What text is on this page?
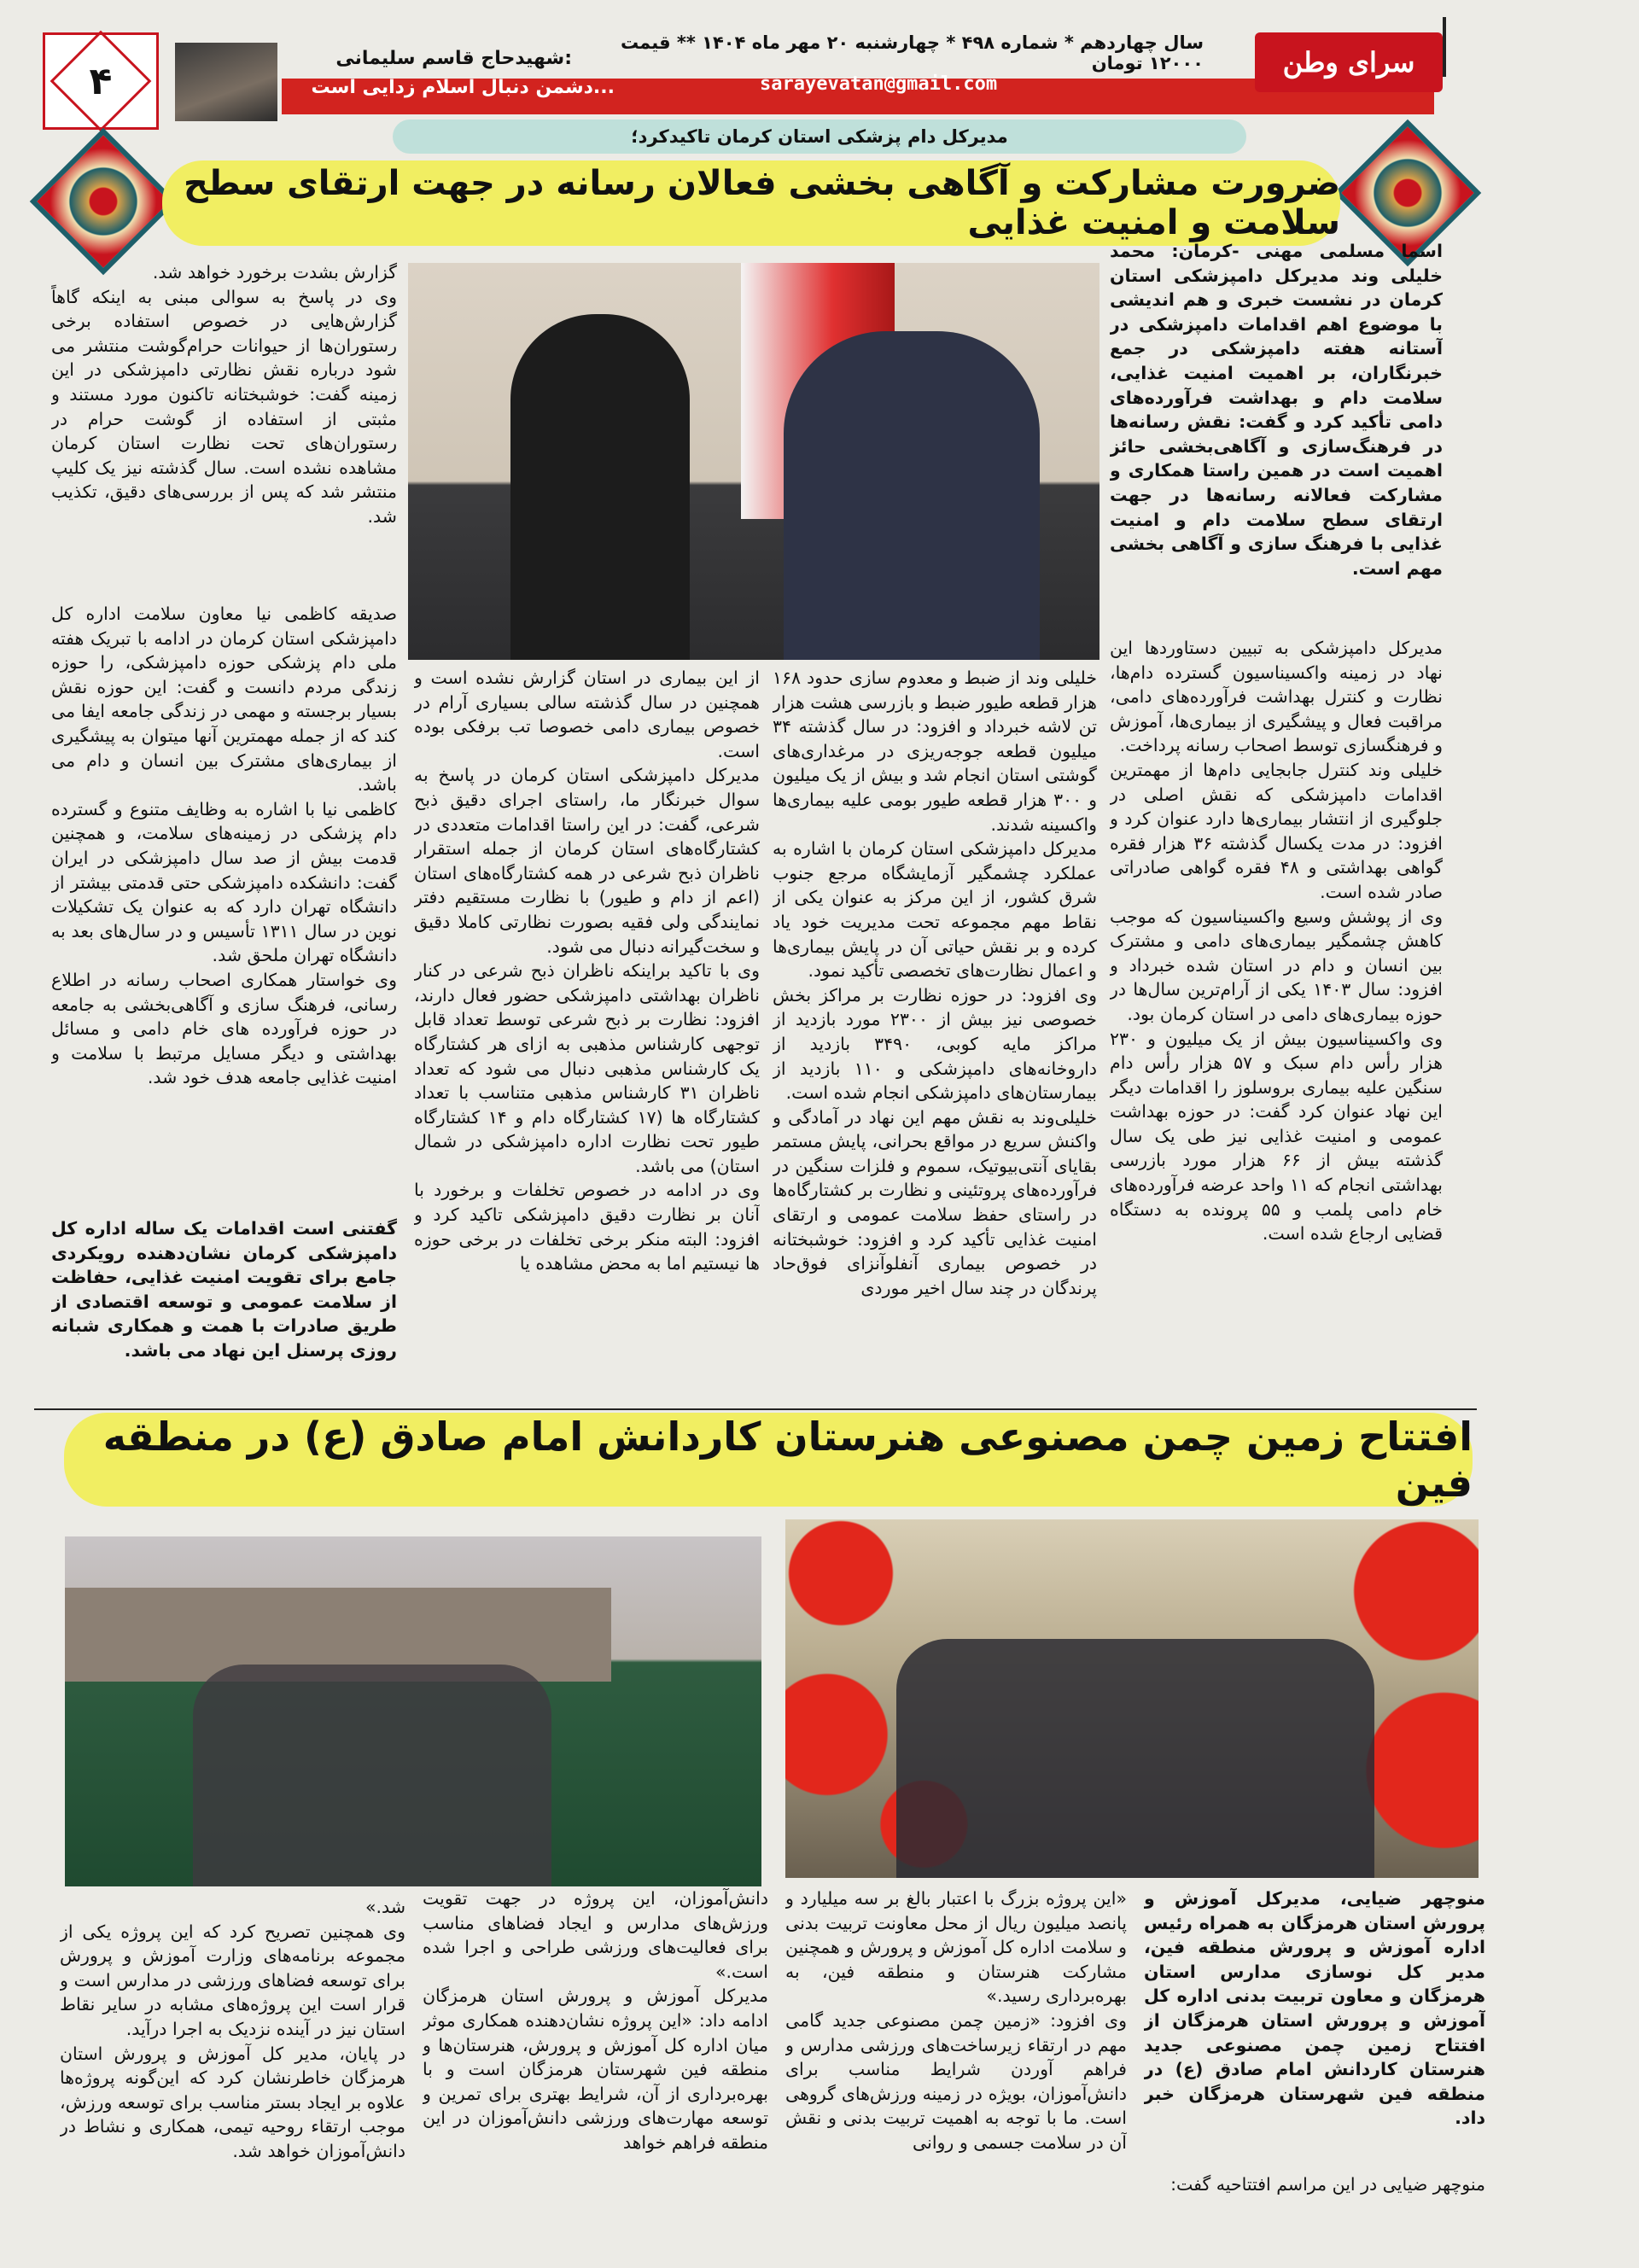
۴
شهیدحاج قاسم سلیمانی:
دشمن دنبال اسلام زدایی است...
سال چهاردهم * شماره ۴۹۸ * چهارشنبه ۲۰ مهر ماه ۱۴۰۴ ** قیمت ۱۲۰۰۰ تومان
sarayevatan@gmail.com
سرای وطن
مدیرکل دام پزشکی استان کرمان تاکیدکرد؛
ضرورت مشارکت و آگاهی بخشی فعالان رسانه در جهت ارتقای سطح سلامت و امنیت غذایی
اسما مسلمی مهنی -کرمان: محمد خلیلی وند مدیرکل دامپزشکی استان کرمان در نشست خبری و هم اندیشی با موضوع اهم اقدامات دامپزشکی در آستانه هفته دامپزشکی در جمع خبرنگاران، بر اهمیت امنیت غذایی، سلامت دام و بهداشت فرآورده‌های دامی تأکید کرد و گفت: نقش رسانه‌ها در فرهنگ‌سازی و آگاهی‌بخشی حائز اهمیت است در همین راستا همکاری و مشارکت فعالانه رسانه‌ها در جهت ارتقای سطح سلامت دام و امنیت غذایی با فرهنگ سازی و آگاهی بخشی مهم است.
مدیرکل دامپزشکی به تبیین دستاوردها این نهاد در زمینه واکسیناسیون گسترده دام‌ها، نظارت و کنترل بهداشت فرآورده‌های دامی، مراقبت فعال و پیشگیری از بیماری‌ها، آموزش و فرهنگسازی توسط اصحاب رسانه پرداخت.
خلیلی وند کنترل جابجایی دام‌ها از مهمترین اقدامات دامپزشکی که نقش اصلی در جلوگیری از انتشار بیماری‌ها دارد عنوان کرد و افزود: در مدت یکسال گذشته ۳۶ هزار فقره گواهی بهداشتی و ۴۸ فقره گواهی صادراتی صادر شده است.
وی از پوشش وسیع واکسیناسیون که موجب کاهش چشمگیر بیماری‌های دامی و مشترک بین انسان و دام در استان شده خبرداد و افزود: سال ۱۴۰۳ یکی از آرام‌ترین سال‌ها در حوزه بیماری‌های دامی در استان کرمان بود.
وی واکسیناسیون بیش از یک میلیون و ۲۳۰ هزار رأس دام سبک و ۵۷ هزار رأس دام سنگین علیه بیماری بروسلوز را اقدامات دیگر این نهاد عنوان کرد گفت: در حوزه بهداشت عمومی و امنیت غذایی نیز طی یک سال گذشته بیش از ۶۶ هزار مورد بازرسی بهداشتی انجام که ۱۱ واحد عرضه فرآورده‌های خام دامی پلمب و ۵۵ پرونده به دستگاه قضایی ارجاع شده است.
خلیلی وند از ضبط و معدوم سازی حدود ۱۶۸ هزار قطعه طیور ضبط و بازرسی هشت هزار تن لاشه خبرداد و افزود: در سال گذشته ۳۴ میلیون قطعه جوجه‌ریزی در مرغداری‌های گوشتی استان انجام شد و بیش از یک میلیون و ۳۰۰ هزار قطعه طیور بومی علیه بیماری‌ها واکسینه شدند.
مدیرکل دامپزشکی استان کرمان با اشاره به عملکرد چشمگیر آزمایشگاه مرجع جنوب شرق کشور، از این مرکز به عنوان یکی از نقاط مهم مجموعه تحت مدیریت خود یاد کرده و بر نقش حیاتی آن در پایش بیماری‌ها و اعمال نظارت‌های تخصصی تأکید نمود.
وی افزود: در حوزه نظارت بر مراکز بخش خصوصی نیز بیش از ۲۳۰۰ مورد بازدید از مراکز مایه کوبی، ۳۴۹۰ بازدید از داروخانه‌های دامپزشکی و ۱۱۰ بازدید از بیمارستان‌های دامپزشکی انجام شده است.
خلیلی‌وند به نقش مهم این نهاد در آمادگی و واکنش سریع در مواقع بحرانی، پایش مستمر بقایای آنتی‌بیوتیک، سموم و فلزات سنگین در فرآورده‌های پروتئینی و نظارت بر کشتارگاه‌ها در راستای حفظ سلامت عمومی و ارتقای امنیت غذایی تأکید کرد و افزود: خوشبختانه در خصوص بیماری آنفلوآنزای فوق‌حاد پرندگان در چند سال اخیر موردی
از این بیماری در استان گزارش نشده است و همچنین در سال گذشته سالی بسیاری آرام در خصوص بیماری دامی خصوصا تب برفکی بوده است.
مدیرکل دامپزشکی استان کرمان در پاسخ به سوال خبرنگار ما، راستای اجرای دقیق ذبح شرعی، گفت: در این راستا اقدامات متعددی در کشتارگاه‌های استان کرمان از جمله استقرار ناظران ذبح شرعی در همه کشتارگاه‌های استان (اعم از دام و طیور) با نظارت مستقیم دفتر نمایندگی ولی فقیه بصورت نظارتی کاملا دقیق و سخت‌گیرانه دنبال می شود.
وی با تاکید براینکه ناظران ذبح شرعی در کنار ناظران بهداشتی دامپزشکی حضور فعال دارند، افزود: نظارت بر ذبح شرعی توسط تعداد قابل توجهی کارشناس مذهبی به ازای هر کشتارگاه یک کارشناس مذهبی دنبال می شود که تعداد ناظران ۳۱ کارشناس مذهبی متناسب با تعداد کشتارگاه ها (۱۷ کشتارگاه دام و ۱۴ کشتارگاه طیور تحت نظارت اداره دامپزشکی در شمال استان) می باشد.
وی در ادامه در خصوص تخلفات و برخورد با آنان بر نظارت دقیق دامپزشکی تاکید کرد و افزود: البته منکر برخی تخلفات در برخی حوزه ها نیستیم اما به محض مشاهده یا
گزارش بشدت برخورد خواهد شد.
وی در پاسخ به سوالی مبنی به اینکه گاهاً گزارش‌هایی در خصوص استفاده برخی رستوران‌ها از حیوانات حرام‌گوشت منتشر می شود درباره نقش نظارتی دامپزشکی در این زمینه گفت: خوشبختانه تاکنون مورد مستند و مثبتی از استفاده از گوشت حرام در رستوران‌های تحت نظارت استان کرمان مشاهده نشده است. سال گذشته نیز یک کلیپ منتشر شد که پس از بررسی‌های دقیق، تکذیب شد.
صدیقه کاظمی نیا معاون سلامت اداره کل دامپزشکی استان کرمان در ادامه با تبریک هفته ملی دام پزشکی حوزه دامپزشکی، را حوزه زندگی مردم دانست و گفت: این حوزه نقش بسیار برجسته و مهمی در زندگی جامعه ایفا می کند که از جمله مهمترین آنها میتوان به پیشگیری از بیماری‌های مشترک بین انسان و دام می باشد.
کاظمی نیا با اشاره به وظایف متنوع و گسترده دام پزشکی در زمینه‌های سلامت، و همچنین قدمت بیش از صد سال دامپزشکی در ایران گفت: دانشکده دامپزشکی حتی قدمتی بیشتر از دانشگاه تهران دارد که به عنوان یک تشکیلات نوین در سال ۱۳۱۱ تأسیس و در سال‌های بعد به دانشگاه تهران ملحق شد.
وی خواستار همکاری اصحاب رسانه در اطلاع رسانی، فرهنگ سازی و آگاهی‌بخشی به جامعه در حوزه فرآورده های خام دامی و مسائل بهداشتی و دیگر مسایل مرتبط با سلامت و امنیت غذایی جامعه هدف خود شد.
گفتنی است اقدامات یک ساله اداره کل دامپزشکی کرمان نشان‌دهنده رویکردی جامع برای تقویت امنیت غذایی، حفاظت از سلامت عمومی و توسعه اقتصادی از طریق صادرات با همت و همکاری شبانه روزی پرسنل این نهاد می باشد.
افتتاح زمین چمن مصنوعی هنرستان کاردانش امام صادق (ع) در منطقه فین
منوچهر ضیایی، مدیرکل آموزش و پرورش استان هرمزگان به همراه رئیس اداره آموزش و پرورش منطقه فین، مدیر کل نوسازی مدارس استان هرمزگان و معاون تربیت بدنی اداره کل آموزش و پرورش استان هرمزگان از افتتاح زمین چمن مصنوعی جدید هنرستان کاردانش امام صادق (ع) در منطقه فین شهرستان هرمزگان خبر داد.
منوچهر ضیایی در این مراسم افتتاحیه گفت:
«این پروژه بزرگ با اعتبار بالغ بر سه میلیارد و پانصد میلیون ریال از محل معاونت تربیت بدنی و سلامت اداره کل آموزش و پرورش و همچنین مشارکت هنرستان و منطقه فین، به بهره‌برداری رسید.»
وی افزود: «زمین چمن مصنوعی جدید گامی مهم در ارتقاء زیرساخت‌های ورزشی مدارس و فراهم آوردن شرایط مناسب برای دانش‌آموزان، بویژه در زمینه ورزش‌های گروهی است. ما با توجه به اهمیت تربیت بدنی و نقش آن در سلامت جسمی و روانی
دانش‌آموزان، این پروژه در جهت تقویت ورزش‌های مدارس و ایجاد فضاهای مناسب برای فعالیت‌های ورزشی طراحی و اجرا شده است.»
مدیرکل آموزش و پرورش استان هرمزگان ادامه داد: «این پروژه نشان‌دهنده همکاری موثر میان اداره کل آموزش و پرورش، هنرستان‌ها و منطقه فین شهرستان هرمزگان است و با بهره‌برداری از آن، شرایط بهتری برای تمرین و توسعه مهارت‌های ورزشی دانش‌آموزان در این منطقه فراهم خواهد
شد.»
وی همچنین تصریح کرد که این پروژه یکی از مجموعه برنامه‌های وزارت آموزش و پرورش برای توسعه فضاهای ورزشی در مدارس است و قرار است این پروژه‌های مشابه در سایر نقاط استان نیز در آینده نزدیک به اجرا درآید.
در پایان، مدیر کل آموزش و پرورش استان هرمزگان خاطرنشان کرد که این‌گونه پروژه‌ها علاوه بر ایجاد بستر مناسب برای توسعه ورزش، موجب ارتقاء روحیه تیمی، همکاری و نشاط در دانش‌آموزان خواهد شد.
